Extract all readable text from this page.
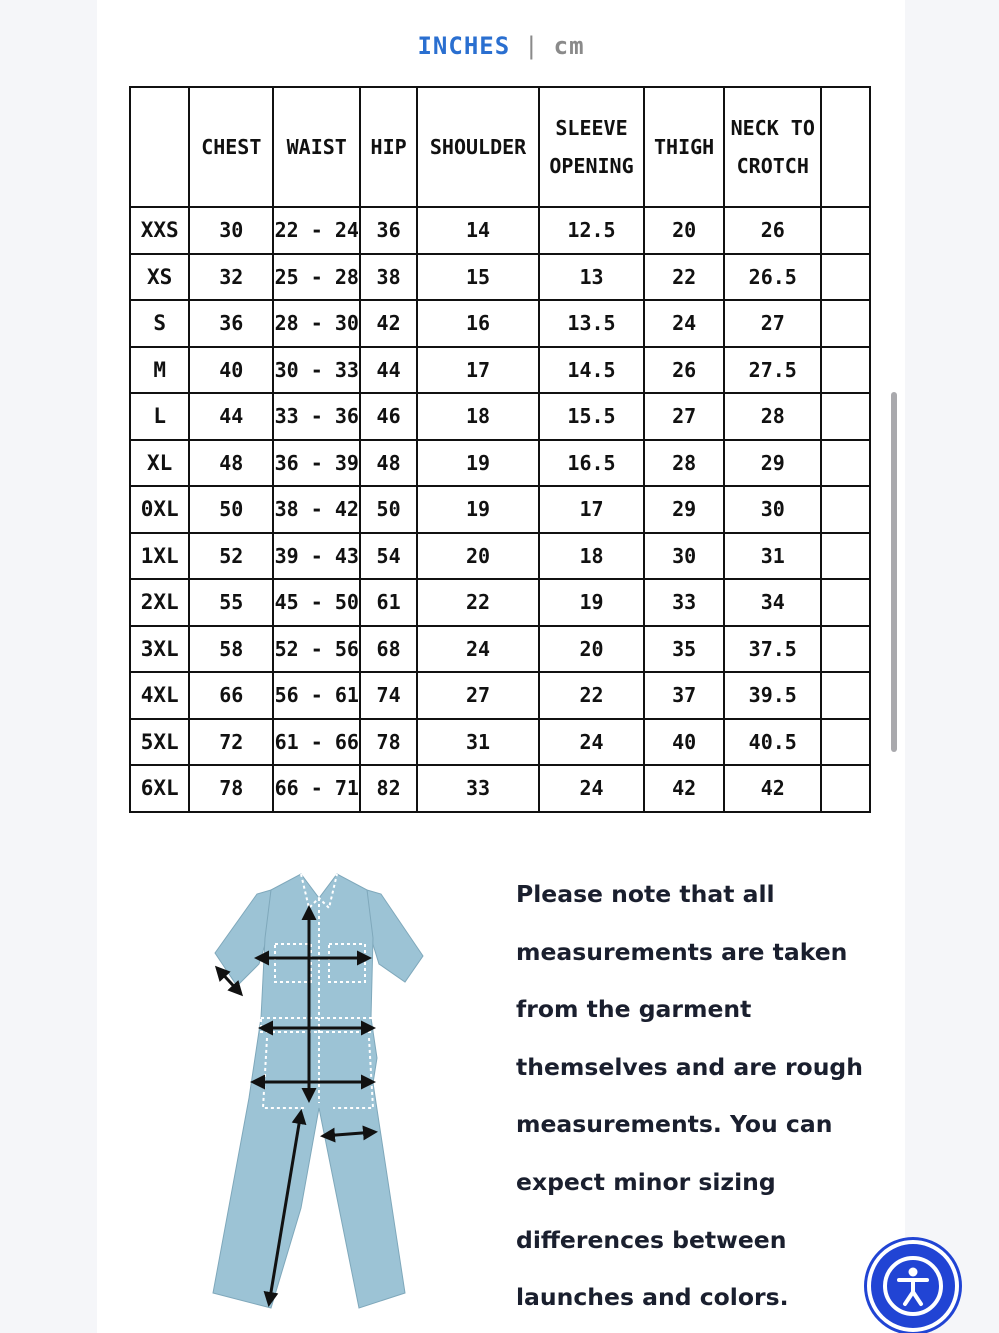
INCHES | cm
	CHEST	WAIST	HIP	SHOULDER	SLEEVE OPENING	THIGH	NECK TO CROTCH	
XXS	30	22 - 24	36	14	12.5	20	26	
XS	32	25 - 28	38	15	13	22	26.5	
S	36	28 - 30	42	16	13.5	24	27	
M	40	30 - 33	44	17	14.5	26	27.5	
L	44	33 - 36	46	18	15.5	27	28	
XL	48	36 - 39	48	19	16.5	28	29	
0XL	50	38 - 42	50	19	17	29	30	
1XL	52	39 - 43	54	20	18	30	31	
2XL	55	45 - 50	61	22	19	33	34	
3XL	58	52 - 56	68	24	20	35	37.5	
4XL	66	56 - 61	74	27	22	37	39.5	
5XL	72	61 - 66	78	31	24	40	40.5	
6XL	78	66 - 71	82	33	24	42	42	
Please note that all measurements are taken from the garment themselves and are rough measurements. You can expect minor sizing differences between launches and colors.
